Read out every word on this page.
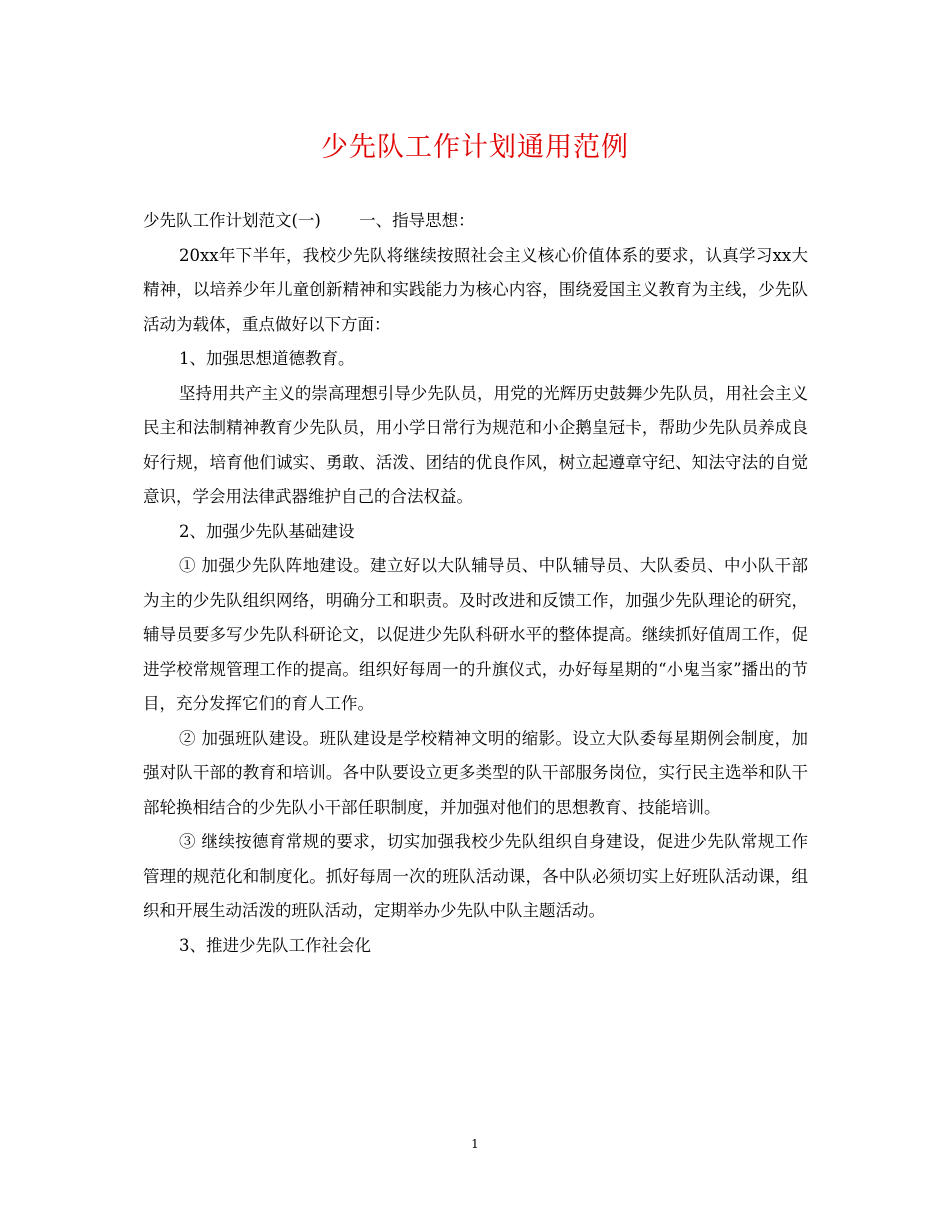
少先队工作计划通用范例

少先队工作计划范文(一)　　 一、指导思想：

20xx年下半年，我校少先队将继续按照社会主义核心价值体系的要求，认真学习xx大精神，以培养少年儿童创新精神和实践能力为核心内容，围绕爱国主义教育为主线，少先队活动为载体，重点做好以下方面：

1、加强思想道德教育。

坚持用共产主义的崇高理想引导少先队员，用党的光辉历史鼓舞少先队员，用社会主义民主和法制精神教育少先队员，用小学日常行为规范和小企鹅皇冠卡，帮助少先队员养成良好行规，培育他们诚实、勇敢、活泼、团结的优良作风，树立起遵章守纪、知法守法的自觉意识，学会用法律武器维护自己的合法权益。

2、加强少先队基础建设

① 加强少先队阵地建设。建立好以大队辅导员、中队辅导员、大队委员、中小队干部为主的少先队组织网络，明确分工和职责。及时改进和反馈工作，加强少先队理论的研究，辅导员要多写少先队科研论文，以促进少先队科研水平的整体提高。继续抓好值周工作，促进学校常规管理工作的提高。组织好每周一的升旗仪式，办好每星期的“小鬼当家”播出的节目，充分发挥它们的育人工作。

② 加强班队建设。班队建设是学校精神文明的缩影。设立大队委每星期例会制度，加强对队干部的教育和培训。各中队要设立更多类型的队干部服务岗位，实行民主选举和队干部轮换相结合的少先队小干部任职制度，并加强对他们的思想教育、技能培训。

③ 继续按德育常规的要求，切实加强我校少先队组织自身建设，促进少先队常规工作管理的规范化和制度化。抓好每周一次的班队活动课，各中队必须切实上好班队活动课，组织和开展生动活泼的班队活动，定期举办少先队中队主题活动。

3、推进少先队工作社会化

1
